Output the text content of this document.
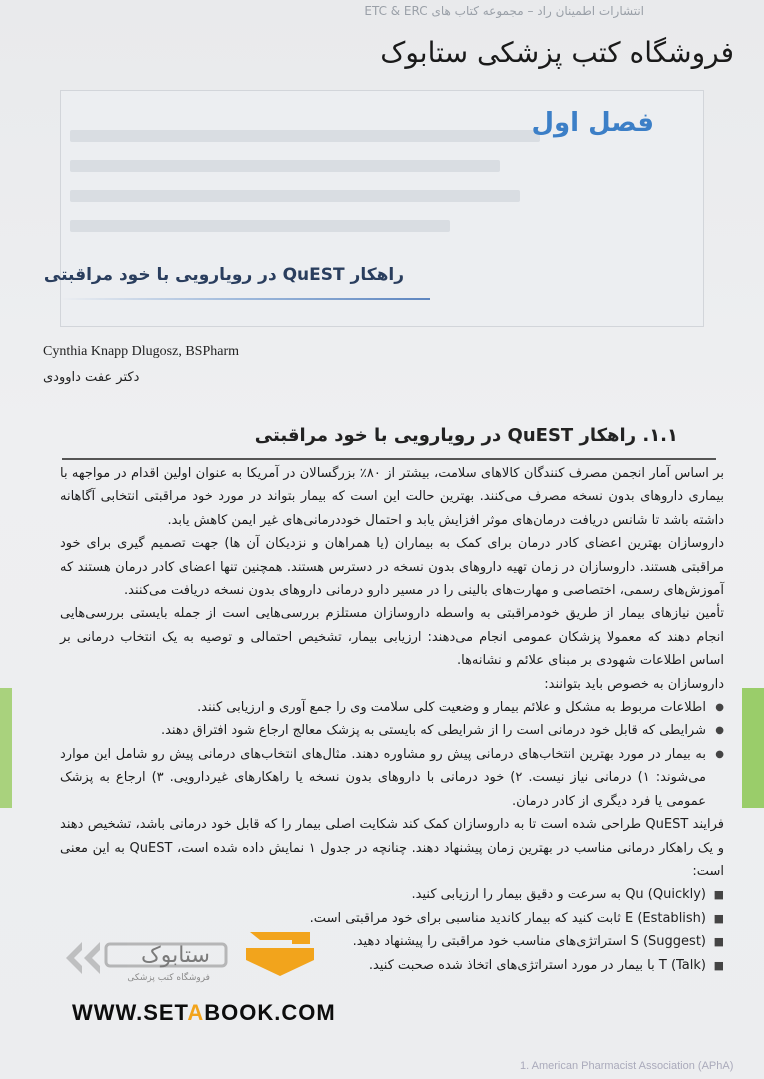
انتشارات اطمینان راد – مجموعه کتاب های ETC & ERC
فروشگاه کتب پزشکی ستابوک
فصل اول
راهکار QuEST در رویارویی با خود مراقبتی
Cynthia Knapp Dlugosz, BSPharm
دکتر عفت داوودی
۱.۱. راهکار QuEST در رویارویی با خود مراقبتی

بر اساس آمار انجمن مصرف کنندگان کالاهای سلامت، بیشتر از ۸۰٪ بزرگسالان در آمریکا به عنوان اولین اقدام در مواجهه با بیماری داروهای بدون نسخه مصرف می‌کنند. بهترین حالت این است که بیمار بتواند در مورد خود مراقبتی انتخابی آگاهانه داشته باشد تا شانس دریافت درمان‌های موثر افزایش یابد و احتمال خوددرمانی‌های غیر ایمن کاهش یابد.

داروسازان بهترین اعضای کادر درمان برای کمک به بیماران (یا همراهان و نزدیکان آن ها) جهت تصمیم گیری برای خود مراقبتی هستند. داروسازان در زمان تهیه داروهای بدون نسخه در دسترس هستند. همچنین تنها اعضای کادر درمان هستند که آموزش‌های رسمی، اختصاصی و مهارت‌های بالینی را در مسیر دارو درمانی داروهای بدون نسخه دریافت می‌کنند.

تأمین نیازهای بیمار از طریق خودمراقبتی به واسطه داروسازان مستلزم بررسی‌هایی است از جمله بایستی بررسی‌هایی انجام دهند که معمولا پزشکان عمومی انجام می‌دهند: ارزیابی بیمار، تشخیص احتمالی و توصیه به یک انتخاب درمانی بر اساس اطلاعات شهودی بر مبنای علائم و نشانه‌ها.

داروسازان به خصوص باید بتوانند:

● اطلاعات مربوط به مشکل و علائم بیمار و وضعیت کلی سلامت وی را جمع آوری و ارزیابی کنند.
● شرایطی که قابل خود درمانی است را از شرایطی که بایستی به پزشک معالج ارجاع شود افتراق دهند.
● به بیمار در مورد بهترین انتخاب‌های درمانی پیش رو مشاوره دهند. مثال‌های انتخاب‌های درمانی پیش رو شامل این موارد می‌شوند: ۱) درمانی نیاز نیست. ۲) خود درمانی با داروهای بدون نسخه یا راهکارهای غیردارویی. ۳) ارجاع به پزشک عمومی یا فرد دیگری از کادر درمان.

فرایند QuEST طراحی شده است تا به داروسازان کمک کند شکایت اصلی بیمار را که قابل خود درمانی باشد، تشخیص دهند و یک راهکار درمانی مناسب در بهترین زمان پیشنهاد دهند. چنانچه در جدول ۱ نمایش داده شده است، QuEST به این معنی است:

■ Qu (Quickly) به سرعت و دقیق بیمار را ارزیابی کنید.
■ E (Establish) ثابت کنید که بیمار کاندید مناسبی برای خود مراقبتی است.
■ S (Suggest) استراتژی‌های مناسب خود مراقبتی را پیشنهاد دهید.
■ T (Talk) با بیمار در مورد استراتژی‌های اتخاذ شده صحبت کنید.
ستابوک
فروشگاه کتب پزشکی
WWW.SETABOOK.COM
1. American Pharmacist Association (APhA)
